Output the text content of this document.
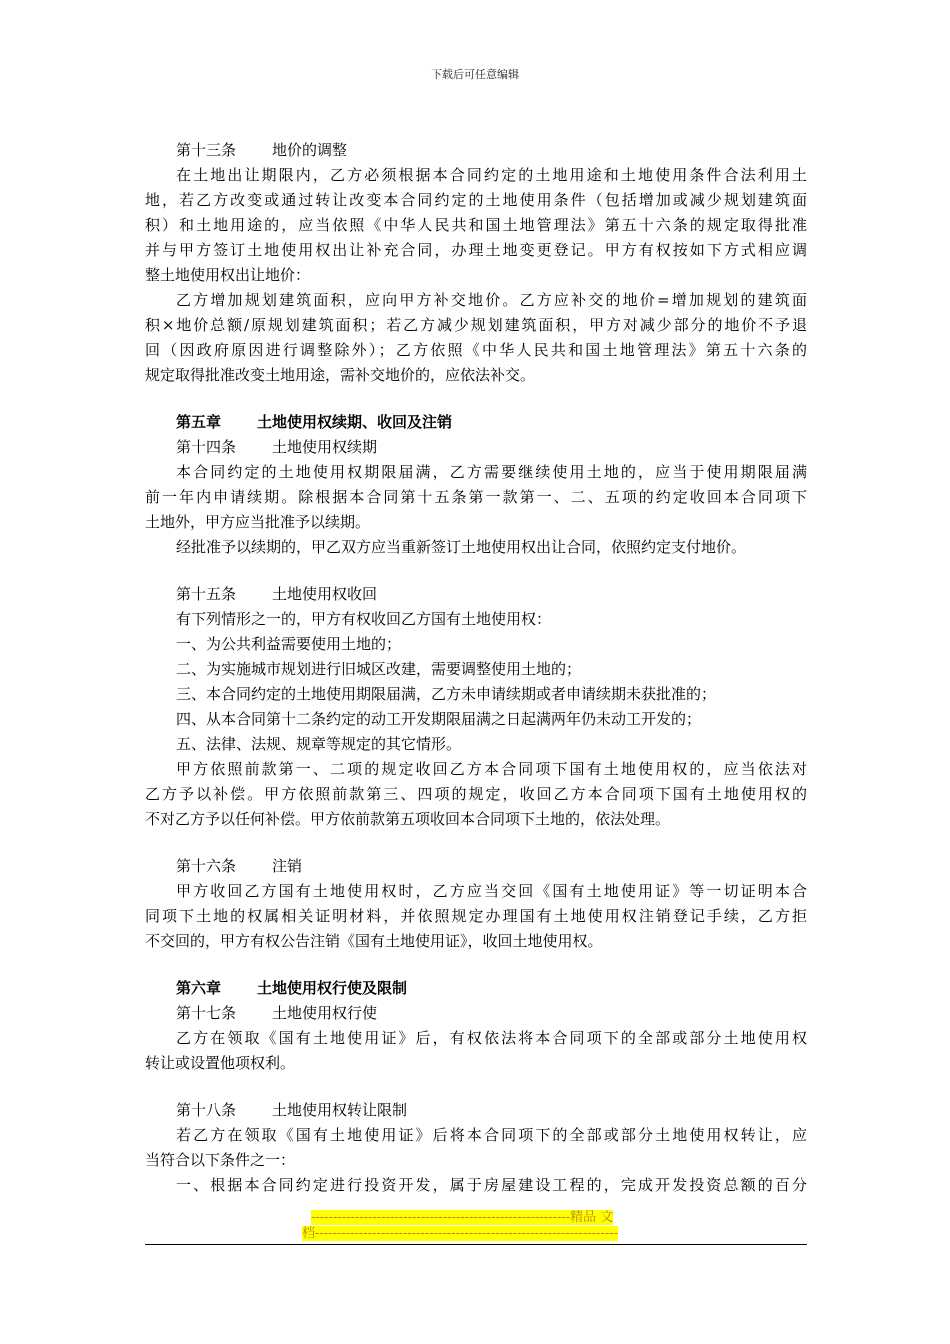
下载后可任意编辑
第十三条 地价的调整
在土地出让期限内，乙方必须根据本合同约定的土地用途和土地使用条件合法利用土
地，若乙方改变或通过转让改变本合同约定的土地使用条件（包括增加或减少规划建筑面
积）和土地用途的，应当依照《中华人民共和国土地管理法》第五十六条的规定取得批准
并与甲方签订土地使用权出让补充合同，办理土地变更登记。甲方有权按如下方式相应调
整土地使用权出让地价：
乙方增加规划建筑面积，应向甲方补交地价。乙方应补交的地价=增加规划的建筑面
积×地价总额/原规划建筑面积；若乙方减少规划建筑面积，甲方对减少部分的地价不予退
回（因政府原因进行调整除外）；乙方依照《中华人民共和国土地管理法》第五十六条的
规定取得批准改变土地用途，需补交地价的，应依法补交。
第五章 土地使用权续期、收回及注销
第十四条 土地使用权续期
本合同约定的土地使用权期限届满，乙方需要继续使用土地的，应当于使用期限届满
前一年内申请续期。除根据本合同第十五条第一款第一、二、五项的约定收回本合同项下
土地外，甲方应当批准予以续期。
经批准予以续期的，甲乙双方应当重新签订土地使用权出让合同，依照约定支付地价。
第十五条 土地使用权收回
有下列情形之一的，甲方有权收回乙方国有土地使用权：
一、为公共利益需要使用土地的；
二、为实施城市规划进行旧城区改建，需要调整使用土地的；
三、本合同约定的土地使用期限届满，乙方未申请续期或者申请续期未获批准的；
四、从本合同第十二条约定的动工开发期限届满之日起满两年仍未动工开发的；
五、法律、法规、规章等规定的其它情形。
甲方依照前款第一、二项的规定收回乙方本合同项下国有土地使用权的，应当依法对
乙方予以补偿。甲方依照前款第三、四项的规定，收回乙方本合同项下国有土地使用权的
不对乙方予以任何补偿。甲方依前款第五项收回本合同项下土地的，依法处理。
第十六条 注销
甲方收回乙方国有土地使用权时，乙方应当交回《国有土地使用证》等一切证明本合
同项下土地的权属相关证明材料，并依照规定办理国有土地使用权注销登记手续，乙方拒
不交回的，甲方有权公告注销《国有土地使用证》，收回土地使用权。
第六章 土地使用权行使及限制
第十七条 土地使用权行使
乙方在领取《国有土地使用证》后，有权依法将本合同项下的全部或部分土地使用权
转让或设置他项权利。
第十八条 土地使用权转让限制
若乙方在领取《国有土地使用证》后将本合同项下的全部或部分土地使用权转让，应
当符合以下条件之一：
一、根据本合同约定进行投资开发，属于房屋建设工程的，完成开发投资总额的百分
-----------------------------------------------------------精品 文
档---------------------------------------------------------------------
